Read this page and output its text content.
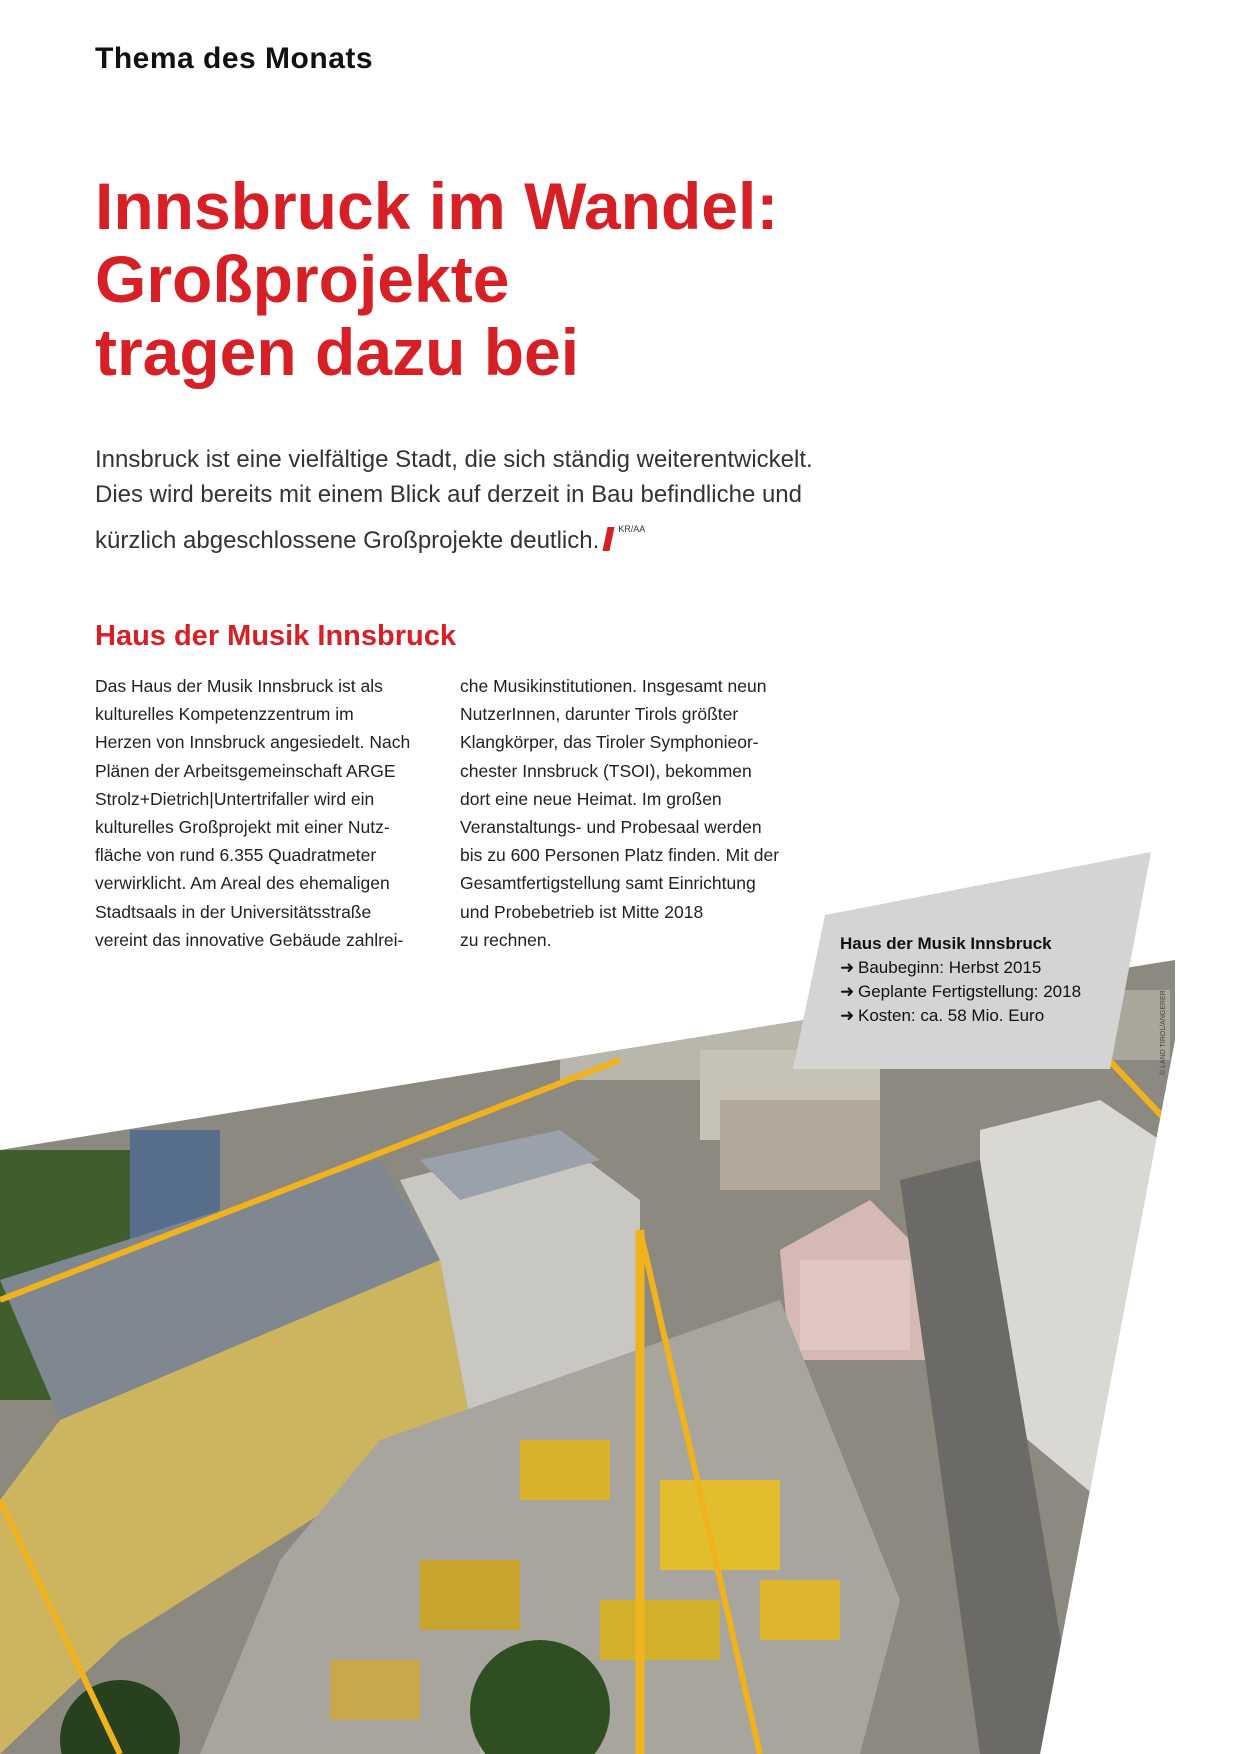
Thema des Monats
Innsbruck im Wandel:
Großprojekte
tragen dazu bei
Innsbruck ist eine vielfältige Stadt, die sich ständig weiterentwickelt.
Dies wird bereits mit einem Blick auf derzeit in Bau befindliche und
kürzlich abgeschlossene Großprojekte deutlich. $^{KR/AA}$
Haus der Musik Innsbruck
Das Haus der Musik Innsbruck ist als
kulturelles Kompetenzzentrum im
Herzen von Innsbruck angesiedelt. Nach
Plänen der Arbeitsgemeinschaft ARGE
Strolz+Dietrich|Untertrifaller wird ein
kulturelles Großprojekt mit einer Nutz-
fläche von rund 6.355 Quadratmeter
verwirklicht. Am Areal des ehemaligen
Stadtsaals in der Universitätsstraße
vereint das innovative Gebäude zahlrei-
che Musikinstitutionen. Insgesamt neun
NutzerInnen, darunter Tirols größter
Klangkörper, das Tiroler Symphonieor-
chester Innsbruck (TSOI), bekommen
dort eine neue Heimat. Im großen
Veranstaltungs- und Probesaal werden
bis zu 600 Personen Platz finden. Mit der
Gesamtfertigstellung samt Einrichtung
und Probebetrieb ist Mitte 2018
zu rechnen.	Haus der Musik Innsbruck
➜ Baubeginn: Herbst 2015
➜ Geplante Fertigstellung: 2018
➜ Kosten: ca. 58 Mio. Euro	© LAND TIROL/ANGERER
